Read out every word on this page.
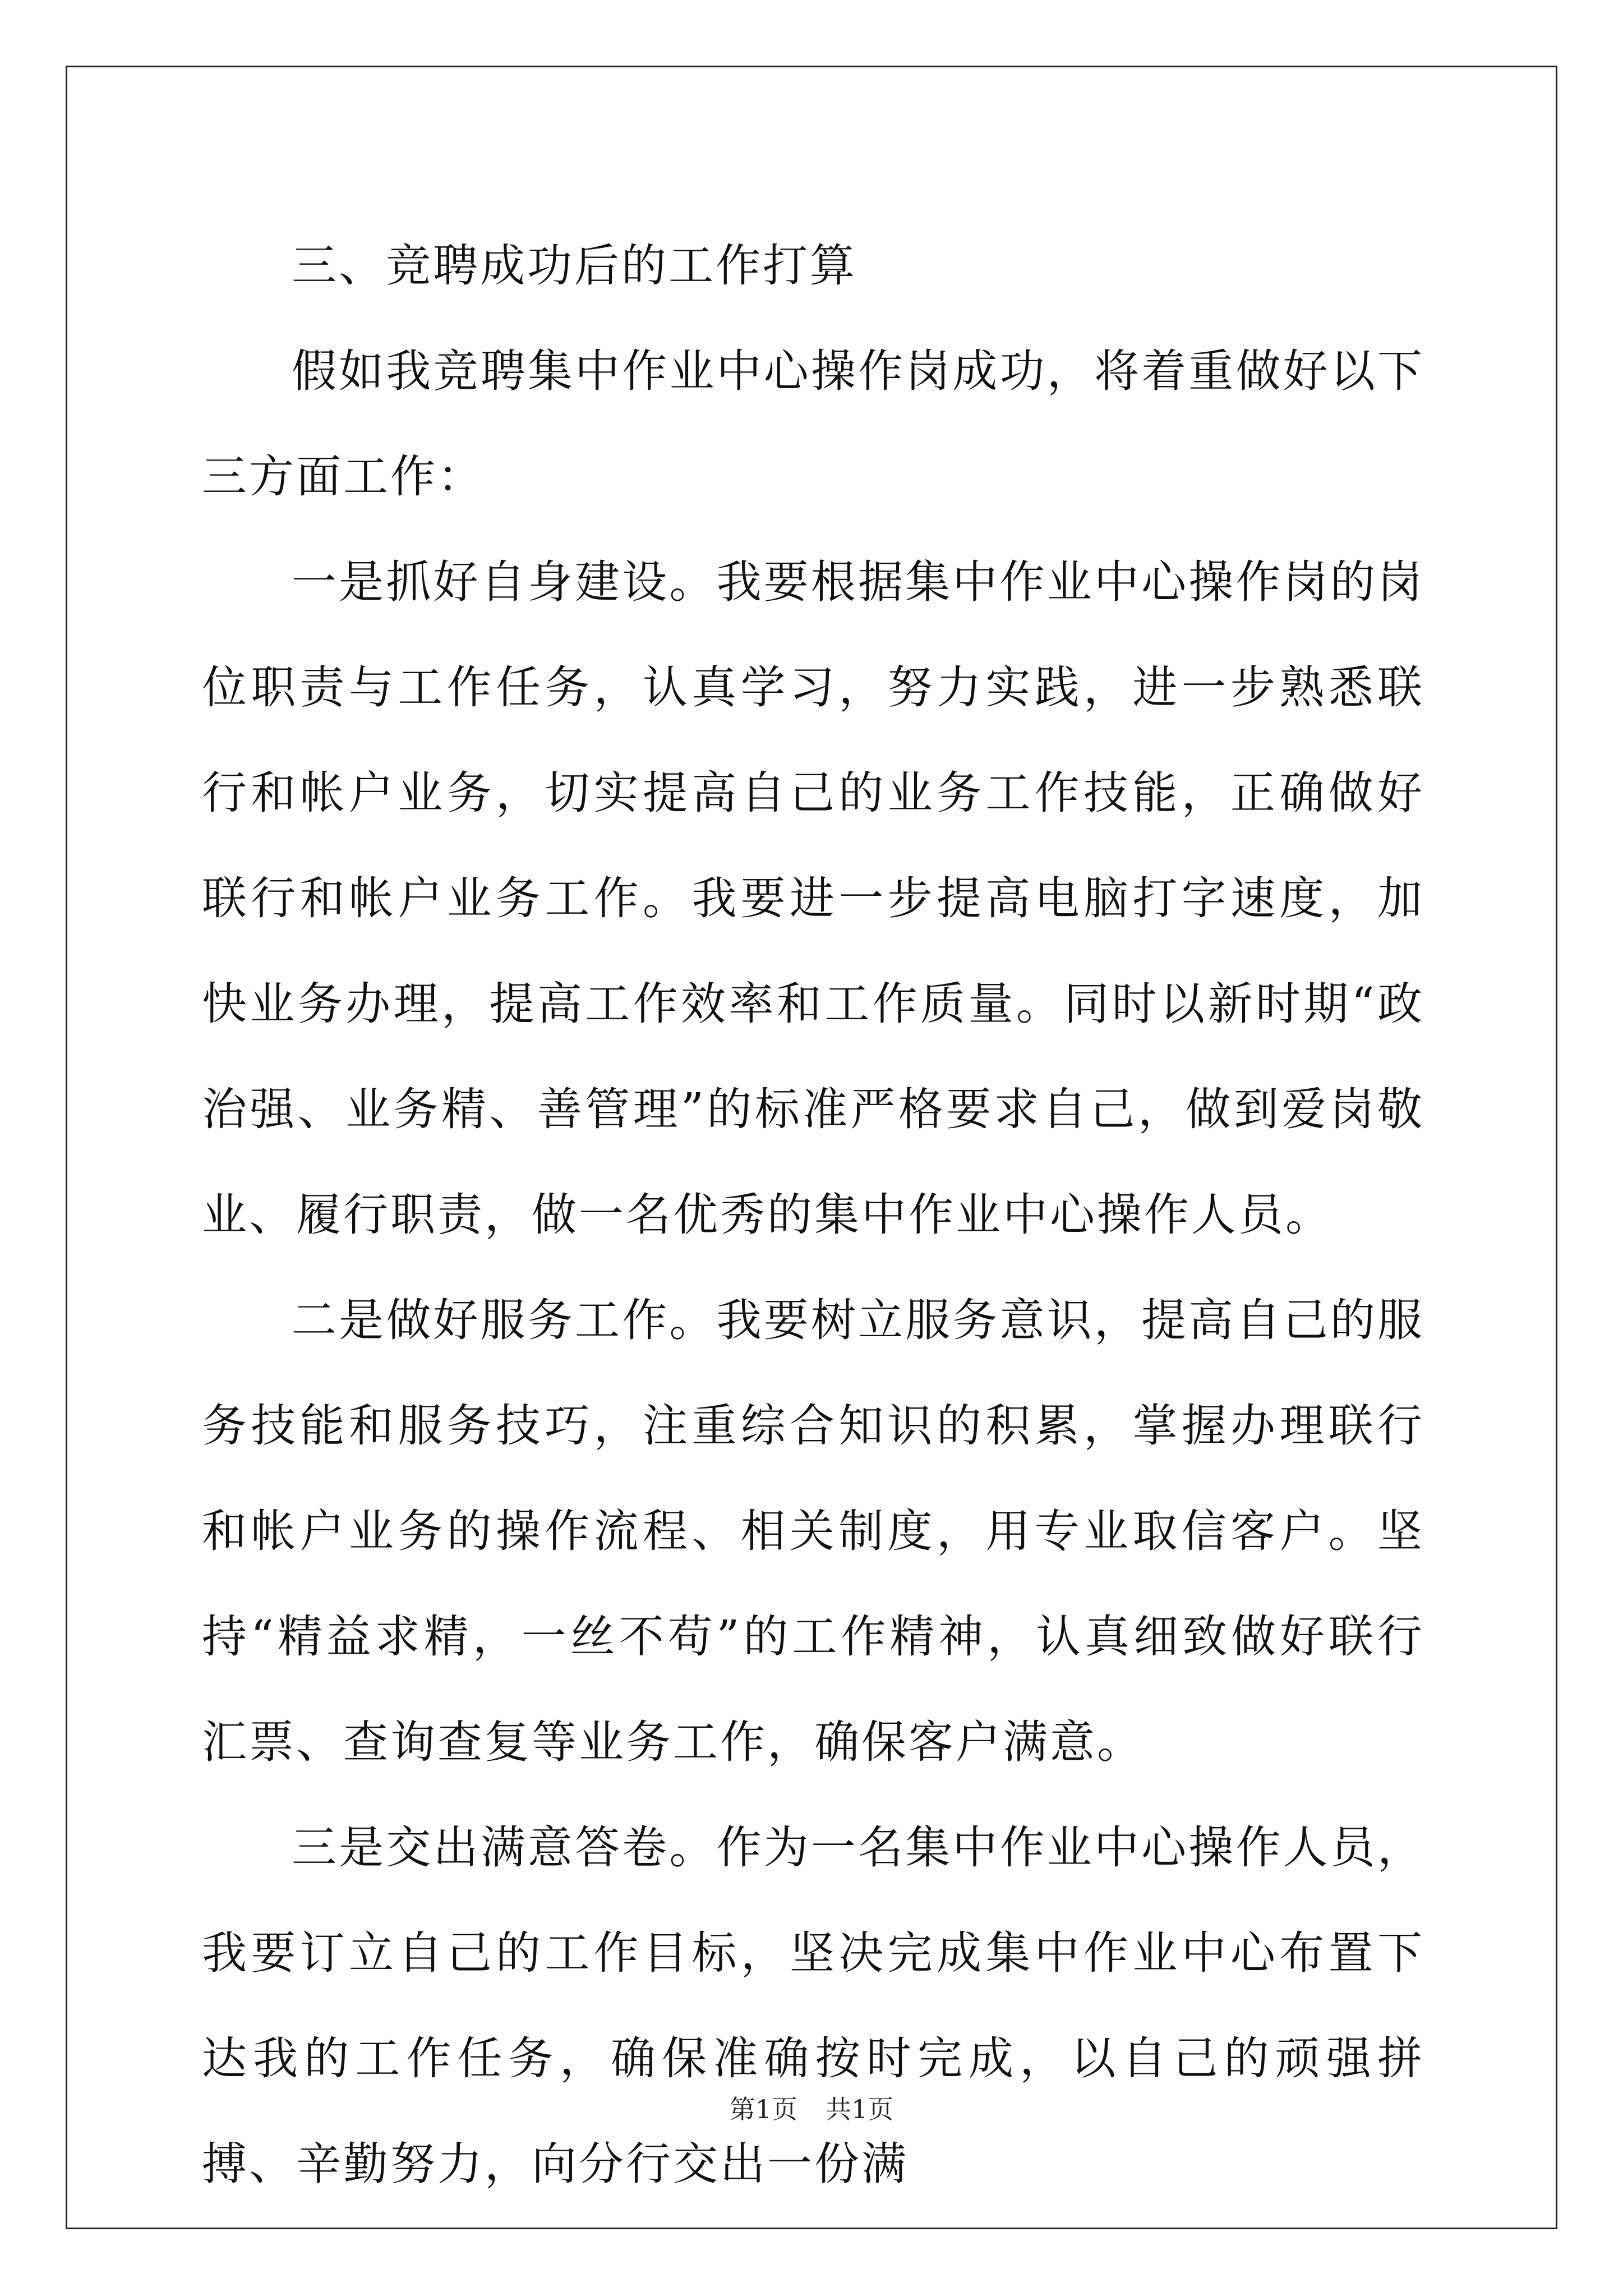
三、竞聘成功后的工作打算

假如我竞聘集中作业中心操作岗成功，将着重做好以下三方面工作：

一是抓好自身建设。我要根据集中作业中心操作岗的岗位职责与工作任务，认真学习，努力实践，进一步熟悉联行和帐户业务，切实提高自己的业务工作技能，正确做好联行和帐户业务工作。我要进一步提高电脑打字速度，加快业务办理，提高工作效率和工作质量。同时以新时期“政治强、业务精、善管理”的标准严格要求自己，做到爱岗敬业、履行职责，做一名优秀的集中作业中心操作人员。

二是做好服务工作。我要树立服务意识，提高自己的服务技能和服务技巧，注重综合知识的积累，掌握办理联行和帐户业务的操作流程、相关制度，用专业取信客户。坚持“精益求精，一丝不苟”的工作精神，认真细致做好联行汇票、查询查复等业务工作，确保客户满意。

三是交出满意答卷。作为一名集中作业中心操作人员，我要订立自己的工作目标，坚决完成集中作业中心布置下达我的工作任务，确保准确按时完成，以自己的顽强拼搏、辛勤努力，向分行交出一份满

第1页 共1页
